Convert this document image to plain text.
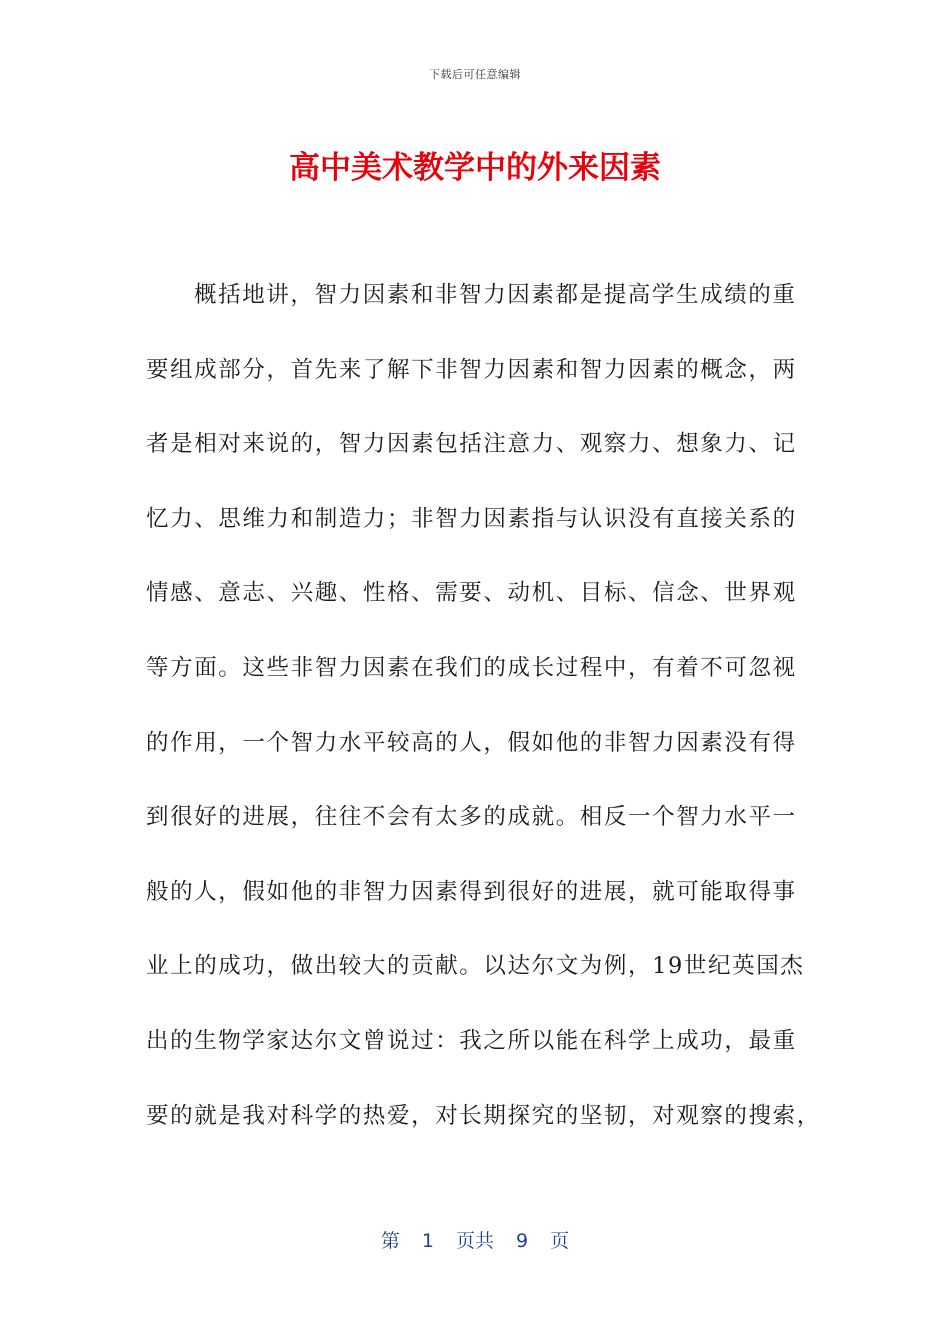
下载后可任意编辑
高中美术教学中的外来因素
概括地讲，智力因素和非智力因素都是提高学生成绩的重
要组成部分，首先来了解下非智力因素和智力因素的概念，两
者是相对来说的，智力因素包括注意力、观察力、想象力、记
忆力、思维力和制造力；非智力因素指与认识没有直接关系的
情感、意志、兴趣、性格、需要、动机、目标、信念、世界观
等方面。这些非智力因素在我们的成长过程中，有着不可忽视
的作用，一个智力水平较高的人，假如他的非智力因素没有得
到很好的进展，往往不会有太多的成就。相反一个智力水平一
般的人，假如他的非智力因素得到很好的进展，就可能取得事
业上的成功，做出较大的贡献。以达尔文为例，19世纪英国杰
出的生物学家达尔文曾说过：我之所以能在科学上成功，最重
要的就是我对科学的热爱，对长期探究的坚韧，对观察的搜索，
第 1 页共 9 页
